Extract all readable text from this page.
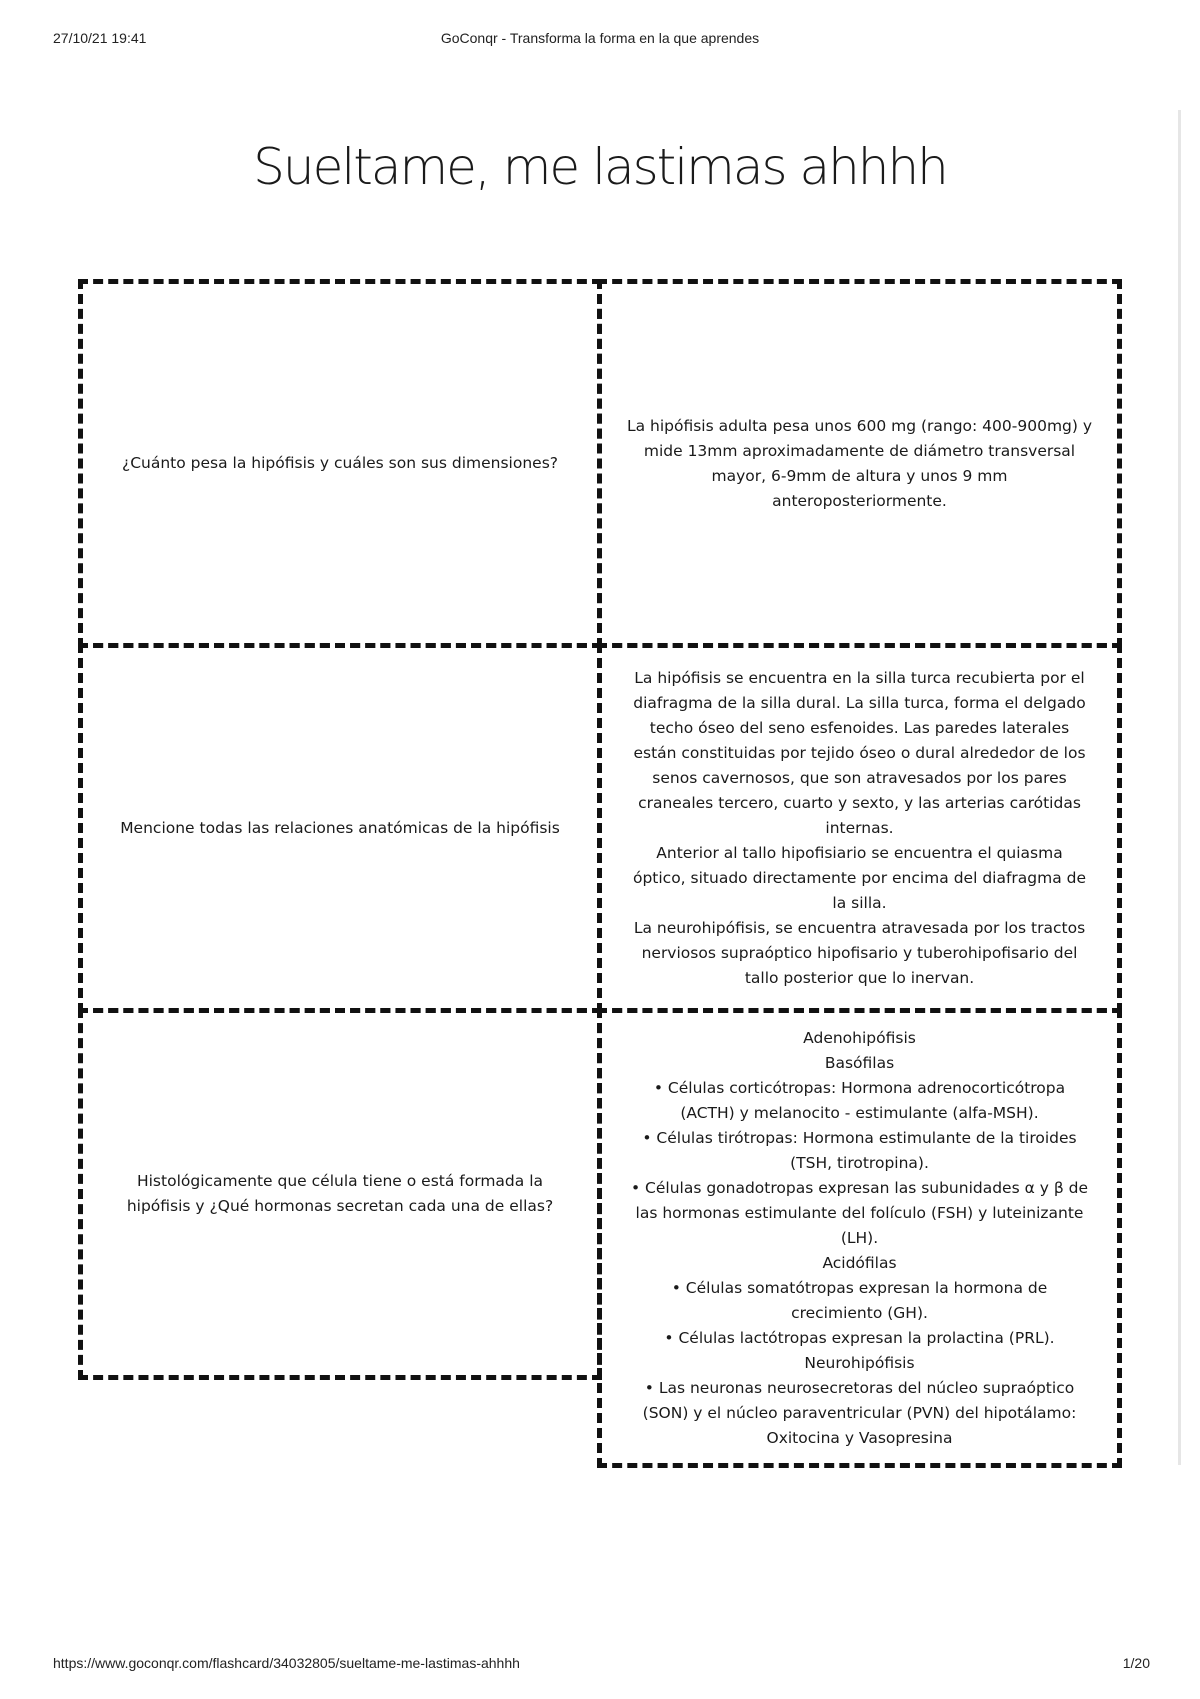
27/10/21 19:41	GoConqr - Transforma la forma en la que aprendes
Sueltame, me lastimas ahhhh
¿Cuánto pesa la hipófisis y cuáles son sus dimensiones?
La hipófisis adulta pesa unos 600 mg (rango: 400-900mg) y
mide 13mm aproximadamente de diámetro transversal
mayor, 6-9mm de altura y unos 9 mm
anteroposteriormente.
Mencione todas las relaciones anatómicas de la hipófisis
La hipófisis se encuentra en la silla turca recubierta por el
diafragma de la silla dural. La silla turca, forma el delgado
techo óseo del seno esfenoides. Las paredes laterales
están constituidas por tejido óseo o dural alrededor de los
senos cavernosos, que son atravesados por los pares
craneales tercero, cuarto y sexto, y las arterias carótidas
internas.
Anterior al tallo hipofisiario se encuentra el quiasma
óptico, situado directamente por encima del diafragma de
la silla.
La neurohipófisis, se encuentra atravesada por los tractos
nerviosos supraóptico hipofisario y tuberohipofisario del
tallo posterior que lo inervan.
Histológicamente que célula tiene o está formada la
hipófisis y ¿Qué hormonas secretan cada una de ellas?
Adenohipófisis
Basófilas
• Células corticótropas: Hormona adrenocorticótropa
(ACTH) y melanocito - estimulante (alfa-MSH).
• Células tirótropas: Hormona estimulante de la tiroides
(TSH, tirotropina).
• Células gonadotropas expresan las subunidades α y β de
las hormonas estimulante del folículo (FSH) y luteinizante
(LH).
Acidófilas
• Células somatótropas expresan la hormona de
crecimiento (GH).
• Células lactótropas expresan la prolactina (PRL).
Neurohipófisis
• Las neuronas neurosecretoras del núcleo supraóptico
(SON) y el núcleo paraventricular (PVN) del hipotálamo:
Oxitocina y Vasopresina
https://www.goconqr.com/flashcard/34032805/sueltame-me-lastimas-ahhhh	1/20
